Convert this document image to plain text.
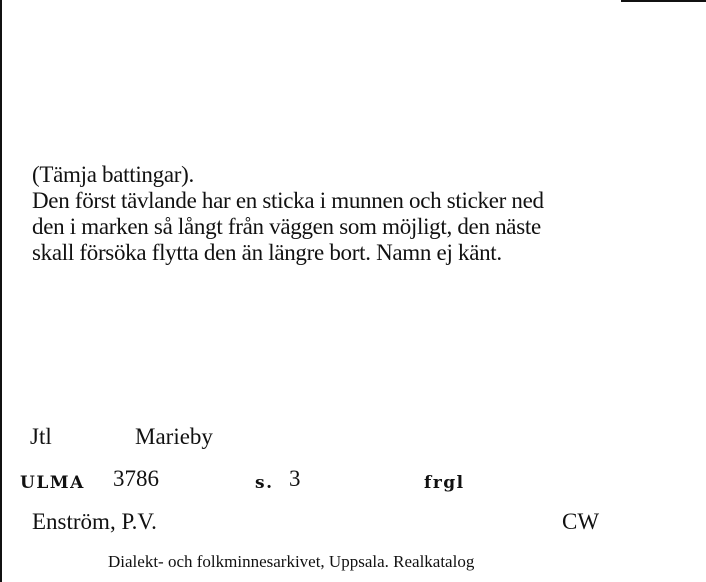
(Tämja battingar).
Den först tävlande har en sticka i munnen och sticker ned
den i marken så långt från väggen som möjligt, den näste
skall försöka flytta den än längre bort. Namn ej känt.
Jtl	Marieby
ULMA 3786	s. 3	frgl
Enström, P.V.	CW
Dialekt- och folkminnesarkivet, Uppsala. Realkatalog
